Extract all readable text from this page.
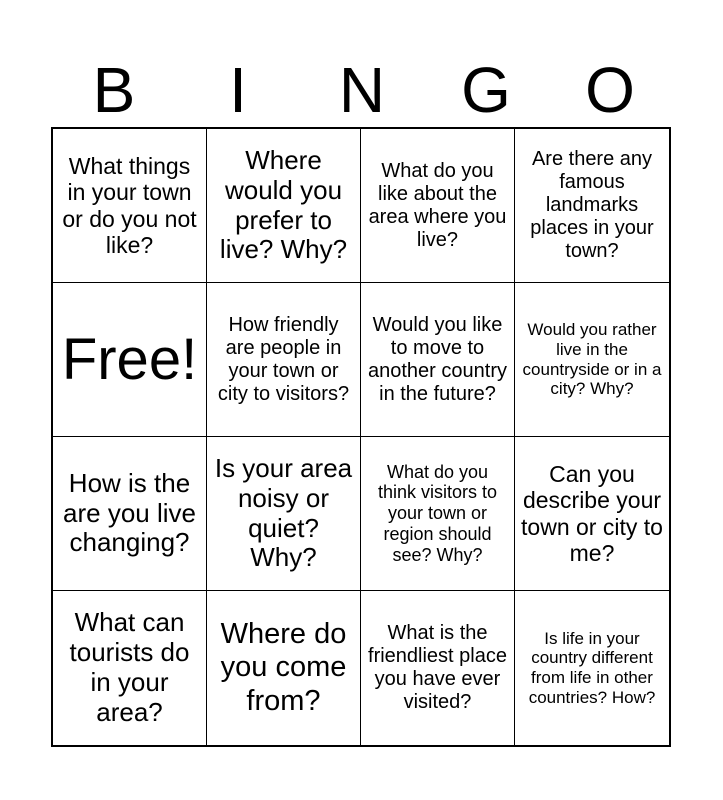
B	I	N	G	O
What things in your town or do you not like?
Where would you prefer to live? Why?
What do you like about the area where you live?
Are there any famous landmarks places in your town?
Free!
How friendly are people in your town or city to visitors?
Would you like to move to another country in the future?
Would you rather live in the countryside or in a city? Why?
How is the are you live changing?
Is your area noisy or quiet? Why?
What do you think visitors to your town or region should see? Why?
Can you describe your town or city to me?
What can tourists do in your area?
Where do you come from?
What is the friendliest place you have ever visited?
Is life in your country different from life in other countries? How?
